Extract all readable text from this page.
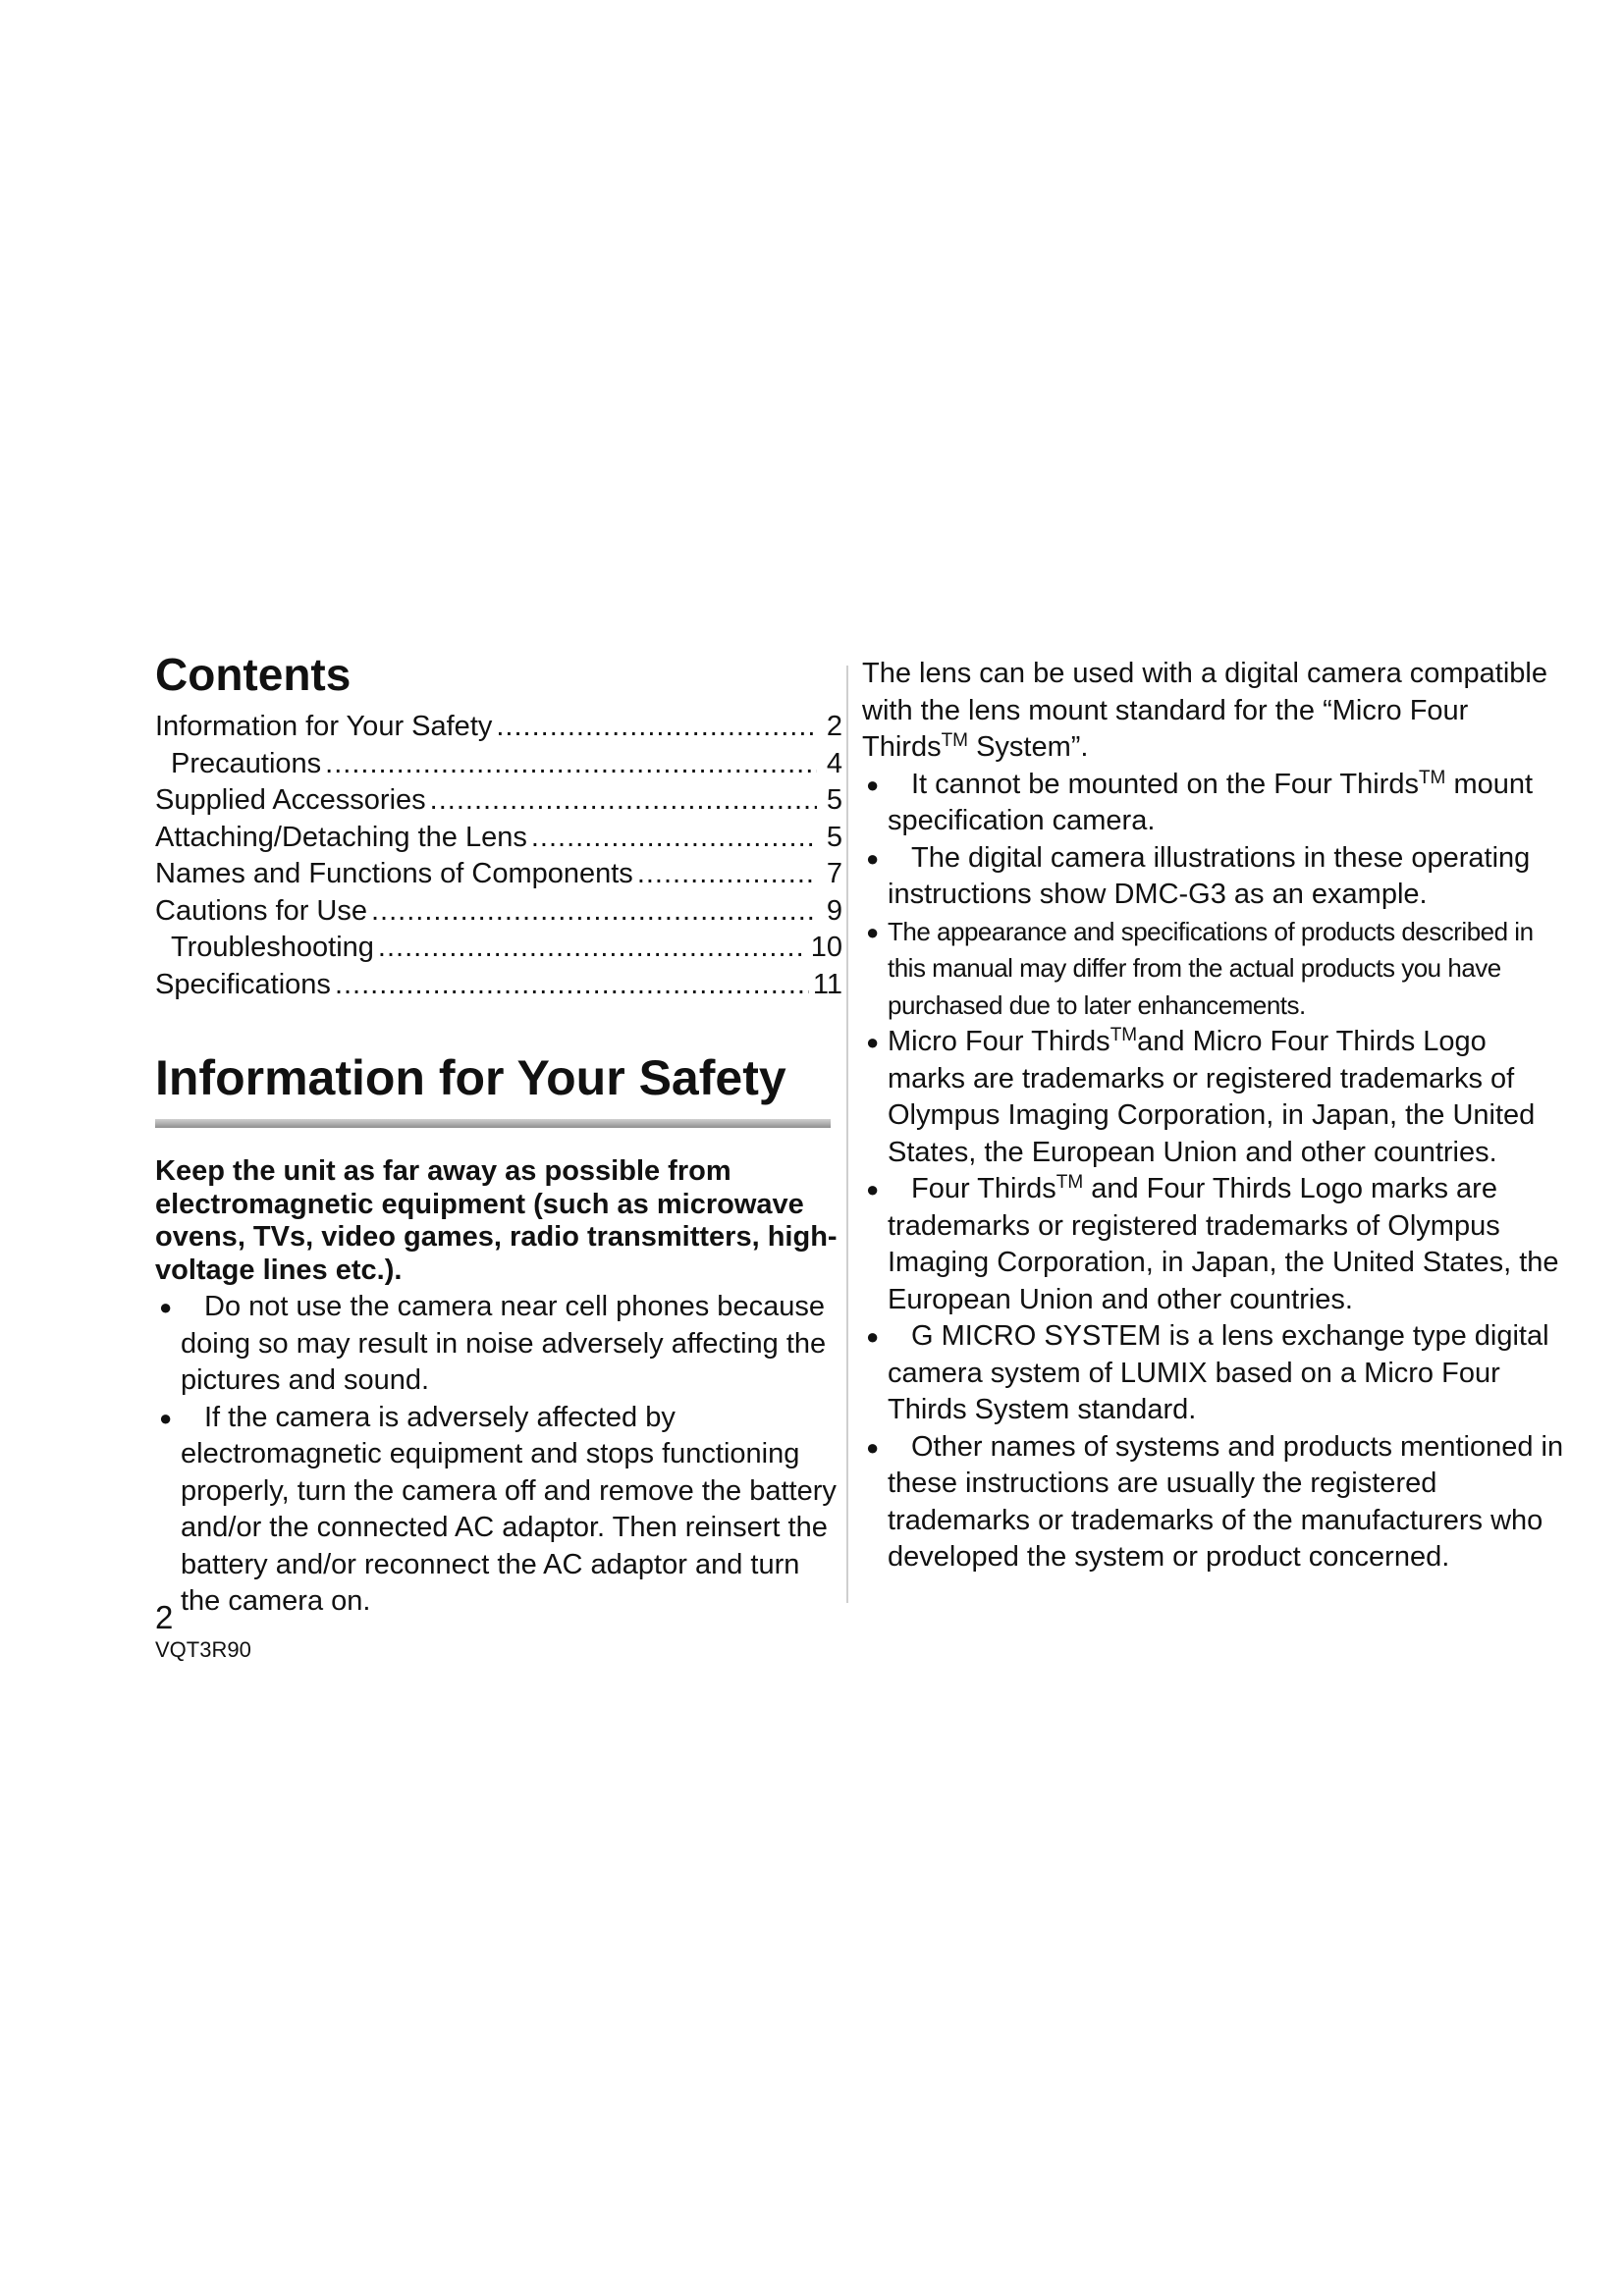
Contents
Information for Your Safety .....	2
Precautions .....	4
Supplied Accessories .....	5
Attaching/Detaching the Lens .....	5
Names and Functions of Components .....	7
Cautions for Use .....	9
Troubleshooting .....	10
Specifications .....	11
Information for Your Safety

Keep the unit as far away as possible from electromagnetic equipment (such as microwave ovens, TVs, video games, radio transmitters, high-voltage lines etc.).

●	Do not use the camera near cell phones because doing so may result in noise adversely affecting the pictures and sound.
●	If the camera is adversely affected by electromagnetic equipment and stops functioning properly, turn the camera off and remove the battery and/or the connected AC adaptor. Then reinsert the battery and/or reconnect the AC adaptor and turn the camera on.

The lens can be used with a digital camera compatible with the lens mount standard for the “Micro Four Thirds™ System”.

●	It cannot be mounted on the Four Thirds™ mount specification camera.
●	The digital camera illustrations in these operating instructions show DMC-G3 as an example.
● The appearance and specifications of products described in this manual may differ from the actual products you have purchased due to later enhancements.
● Micro Four Thirds™and Micro Four Thirds Logo marks are trademarks or registered trademarks of Olympus Imaging Corporation, in Japan, the United States, the European Union and other countries.
●	Four Thirds™ and Four Thirds Logo marks are trademarks or registered trademarks of Olympus Imaging Corporation, in Japan, the United States, the European Union and other countries.
●	G MICRO SYSTEM is a lens exchange type digital camera system of LUMIX based on a Micro Four Thirds System standard.
●	Other names of systems and products mentioned in these instructions are usually the registered trademarks or trademarks of the manufacturers who developed the system or product concerned.
2
VQT3R90
